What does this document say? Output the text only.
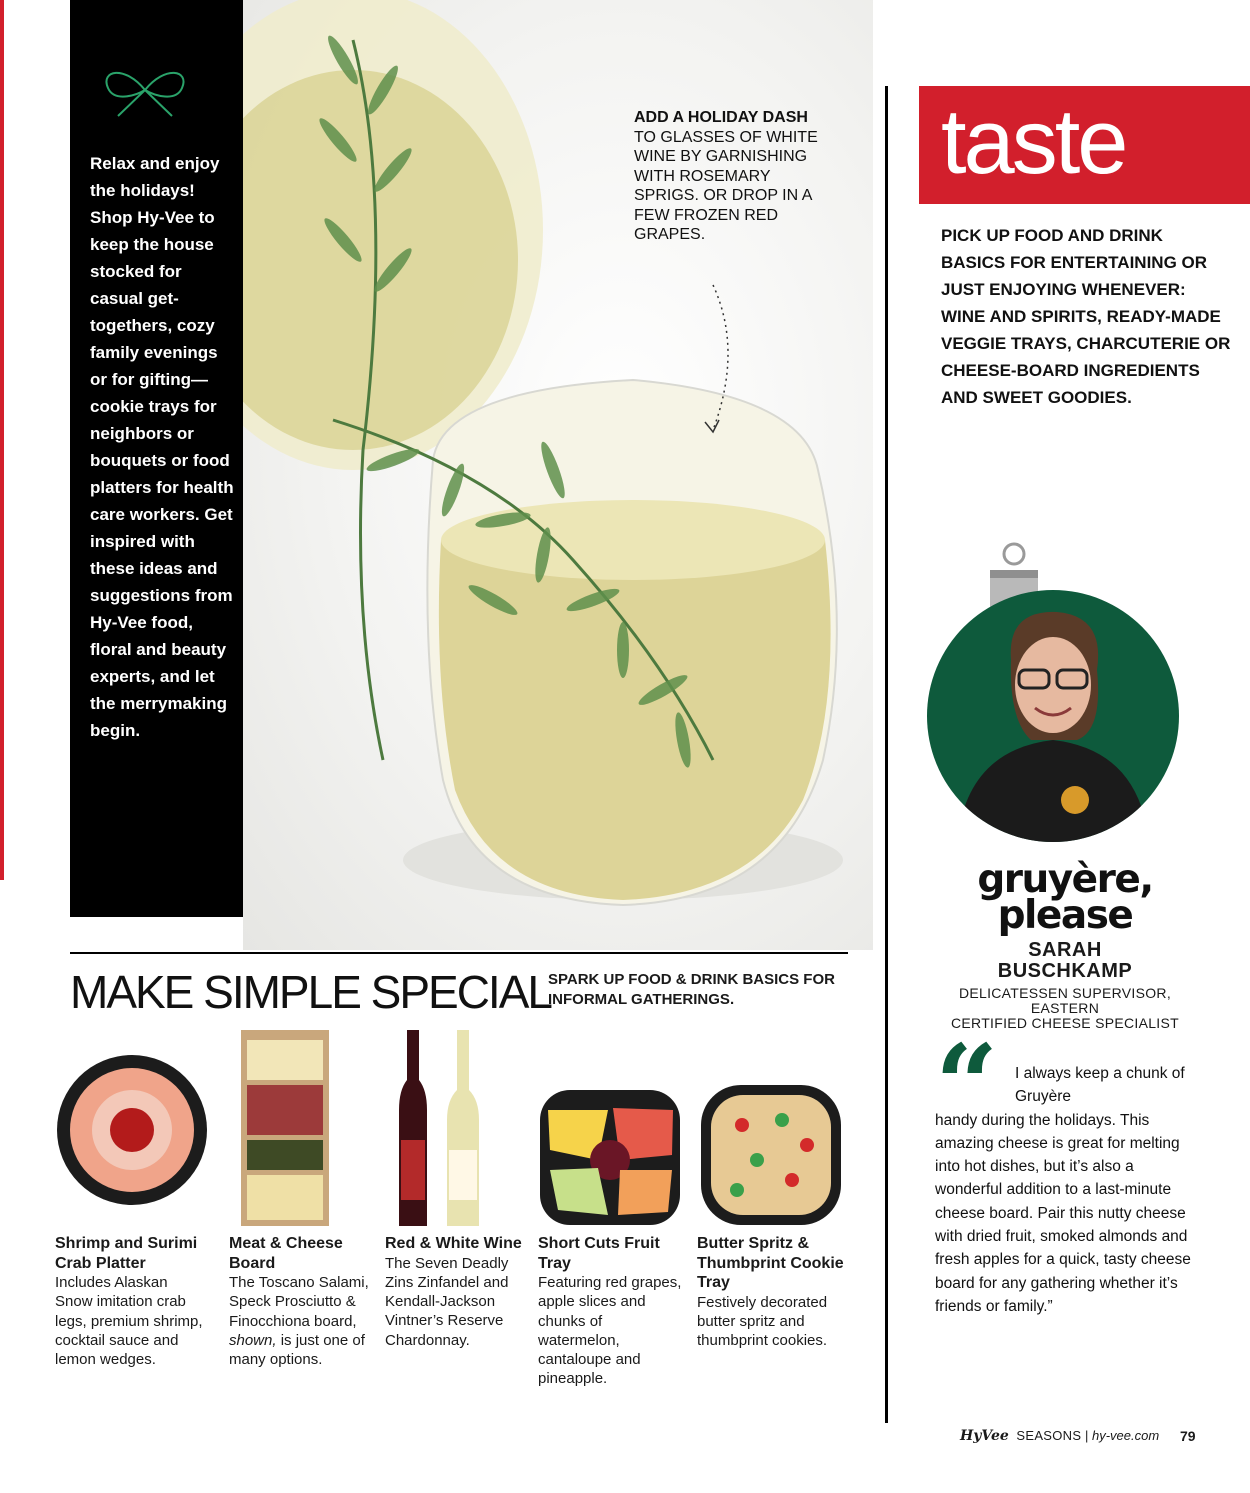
Relax and enjoy the holidays! Shop Hy-Vee to keep the house stocked for casual get-togethers, cozy family evenings or for gifting—cookie trays for neighbors or bouquets or food platters for health care workers. Get inspired with these ideas and suggestions from Hy-Vee food, floral and beauty experts, and let the merrymaking begin.
ADD A HOLIDAY DASH TO GLASSES OF WHITE WINE BY GARNISHING WITH ROSEMARY SPRIGS. OR DROP IN A FEW FROZEN RED GRAPES.
taste
PICK UP FOOD AND DRINK BASICS FOR ENTERTAINING OR JUST ENJOYING WHENEVER: WINE AND SPIRITS, READY-MADE VEGGIE TRAYS, CHARCUTERIE OR CHEESE-BOARD INGREDIENTS AND SWEET GOODIES.
gruyère,
please
SARAH
BUSCHKAMP
DELICATESSEN SUPERVISOR,
EASTERN
CERTIFIED CHEESE SPECIALIST
“	I always keep a chunk of Gruyère
handy during the holidays. This amazing cheese is great for melting into hot dishes, but it’s also a wonderful addition to a last-minute cheese board. Pair this nutty cheese with dried fruit, smoked almonds and fresh apples for a quick, tasty cheese board for any gathering whether it’s friends or family.”
MAKE SIMPLE SPECIAL
SPARK UP FOOD & DRINK BASICS FOR INFORMAL GATHERINGS.
Shrimp and Surimi Crab Platter
Includes Alaskan Snow imitation crab legs, premium shrimp, cocktail sauce and lemon wedges.
Meat & Cheese Board
The Toscano Salami, Speck Prosciutto & Finocchiona board, shown, is just one of many options.
Red & White Wine
The Seven Deadly Zins Zinfandel and Kendall-Jackson Vintner’s Reserve Chardonnay.
Short Cuts Fruit Tray
Featuring red grapes, apple slices and chunks of watermelon, cantaloupe and pineapple.
Butter Spritz & Thumbprint Cookie Tray
Festively decorated butter spritz and thumbprint cookies.
HyVee SEASONS | hy-vee.com 79
